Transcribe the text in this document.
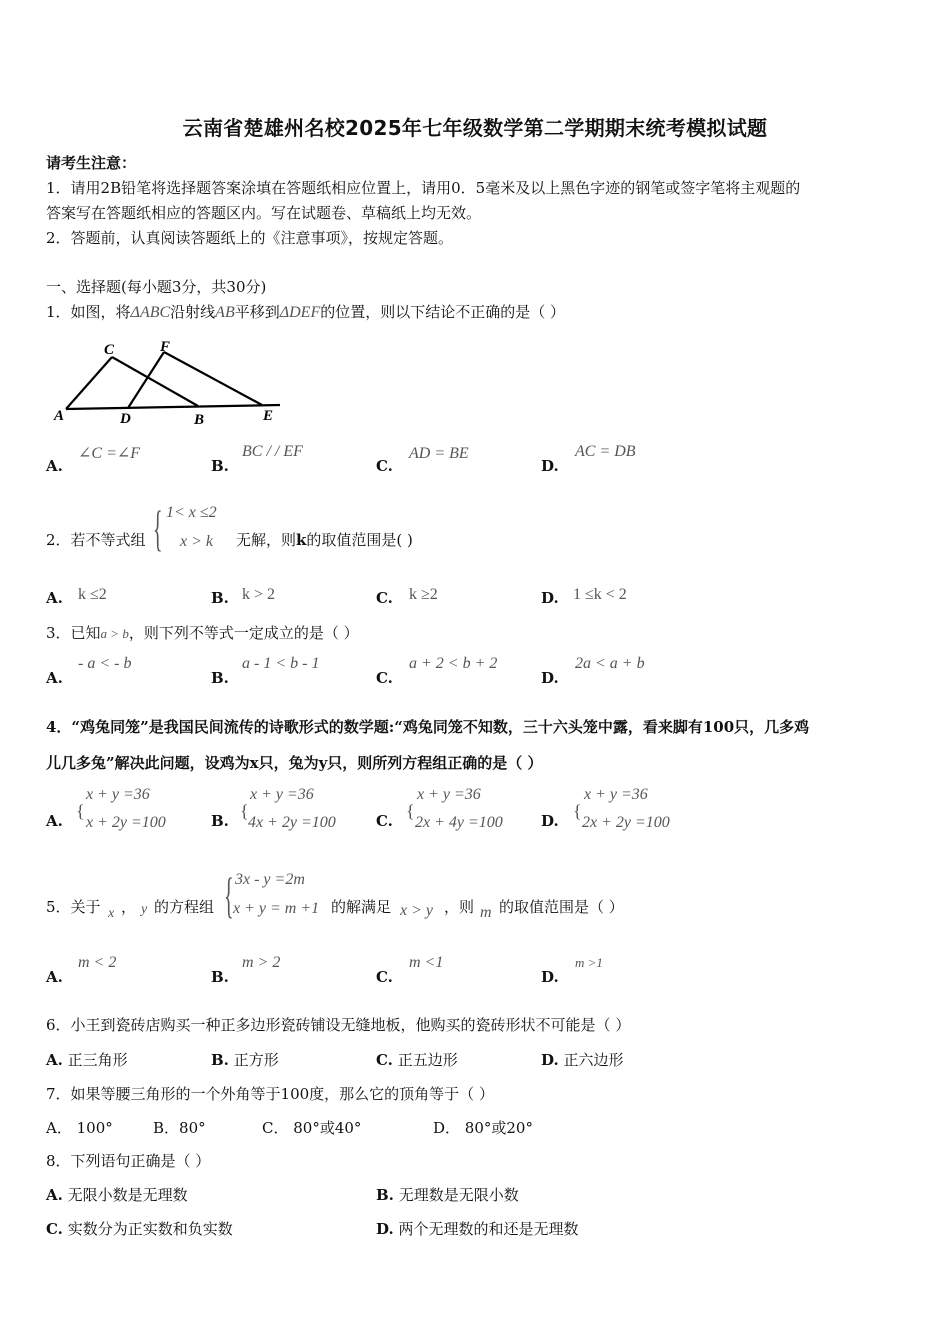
云南省楚雄州名校2025年七年级数学第二学期期末统考模拟试题
请考生注意：
1．请用2B铅笔将选择题答案涂填在答题纸相应位置上，请用0．5毫米及以上黑色字迹的钢笔或签字笔将主观题的
答案写在答题纸相应的答题区内。写在试题卷、草稿纸上均无效。
2．答题前，认真阅读答题纸上的《注意事项》，按规定答题。
一、选择题(每小题3分，共30分)
1．如图，将ΔABC沿射线AB平移到ΔDEF的位置，则以下结论不正确的是（ ）
C	F
A	D	B	E
A.
∠C =∠F
B.
BC / / EF
C.
AD = BE
D.
AC = DB
2．若不等式组 { 1< x ≤2
x > k 无解，则k的取值范围是( )
A. k ≤2	B. k > 2	C. k ≥2	D. 1 ≤k < 2
3．已知a > b，则下列不等式一定成立的是（ ）
A.
- a < - b
B.
a - 1 < b - 1
C.
a + 2 < b + 2
D.
2a < a + b
4．“鸡兔同笼”是我国民间流传的诗歌形式的数学题:“鸡兔同笼不知数，三十六头笼中露，看来脚有100只，几多鸡
儿几多兔”解决此问题，设鸡为x只，兔为y只，则所列方程组正确的是（ ）
A. {
x + y =36
x + 2y =100	B. {
x + y =36
4x + 2y =100	C. {
x + y =36
2x + 4y =100	D. {
x + y =36
2x + 2y =100
5．关于 x ， y 的方程组 { 3x - y =2m
x + y = m +1 的解满足 x > y ，则 m 的取值范围是（ ）
A.
m < 2
B.
m > 2
C.
m <1
D.
m >1
6．小王到瓷砖店购买一种正多边形瓷砖铺设无缝地板，他购买的瓷砖形状不可能是（ ）
A. 正三角形	B. 正方形	C. 正五边形	D. 正六边形
7．如果等腰三角形的一个外角等于100度，那么它的顶角等于（ ）
A． 100°	B．80°	C． 80°或40°	D． 80°或20°
8．下列语句正确是（ ）
A. 无限小数是无理数	B. 无理数是无限小数
C. 实数分为正实数和负实数	D. 两个无理数的和还是无理数
